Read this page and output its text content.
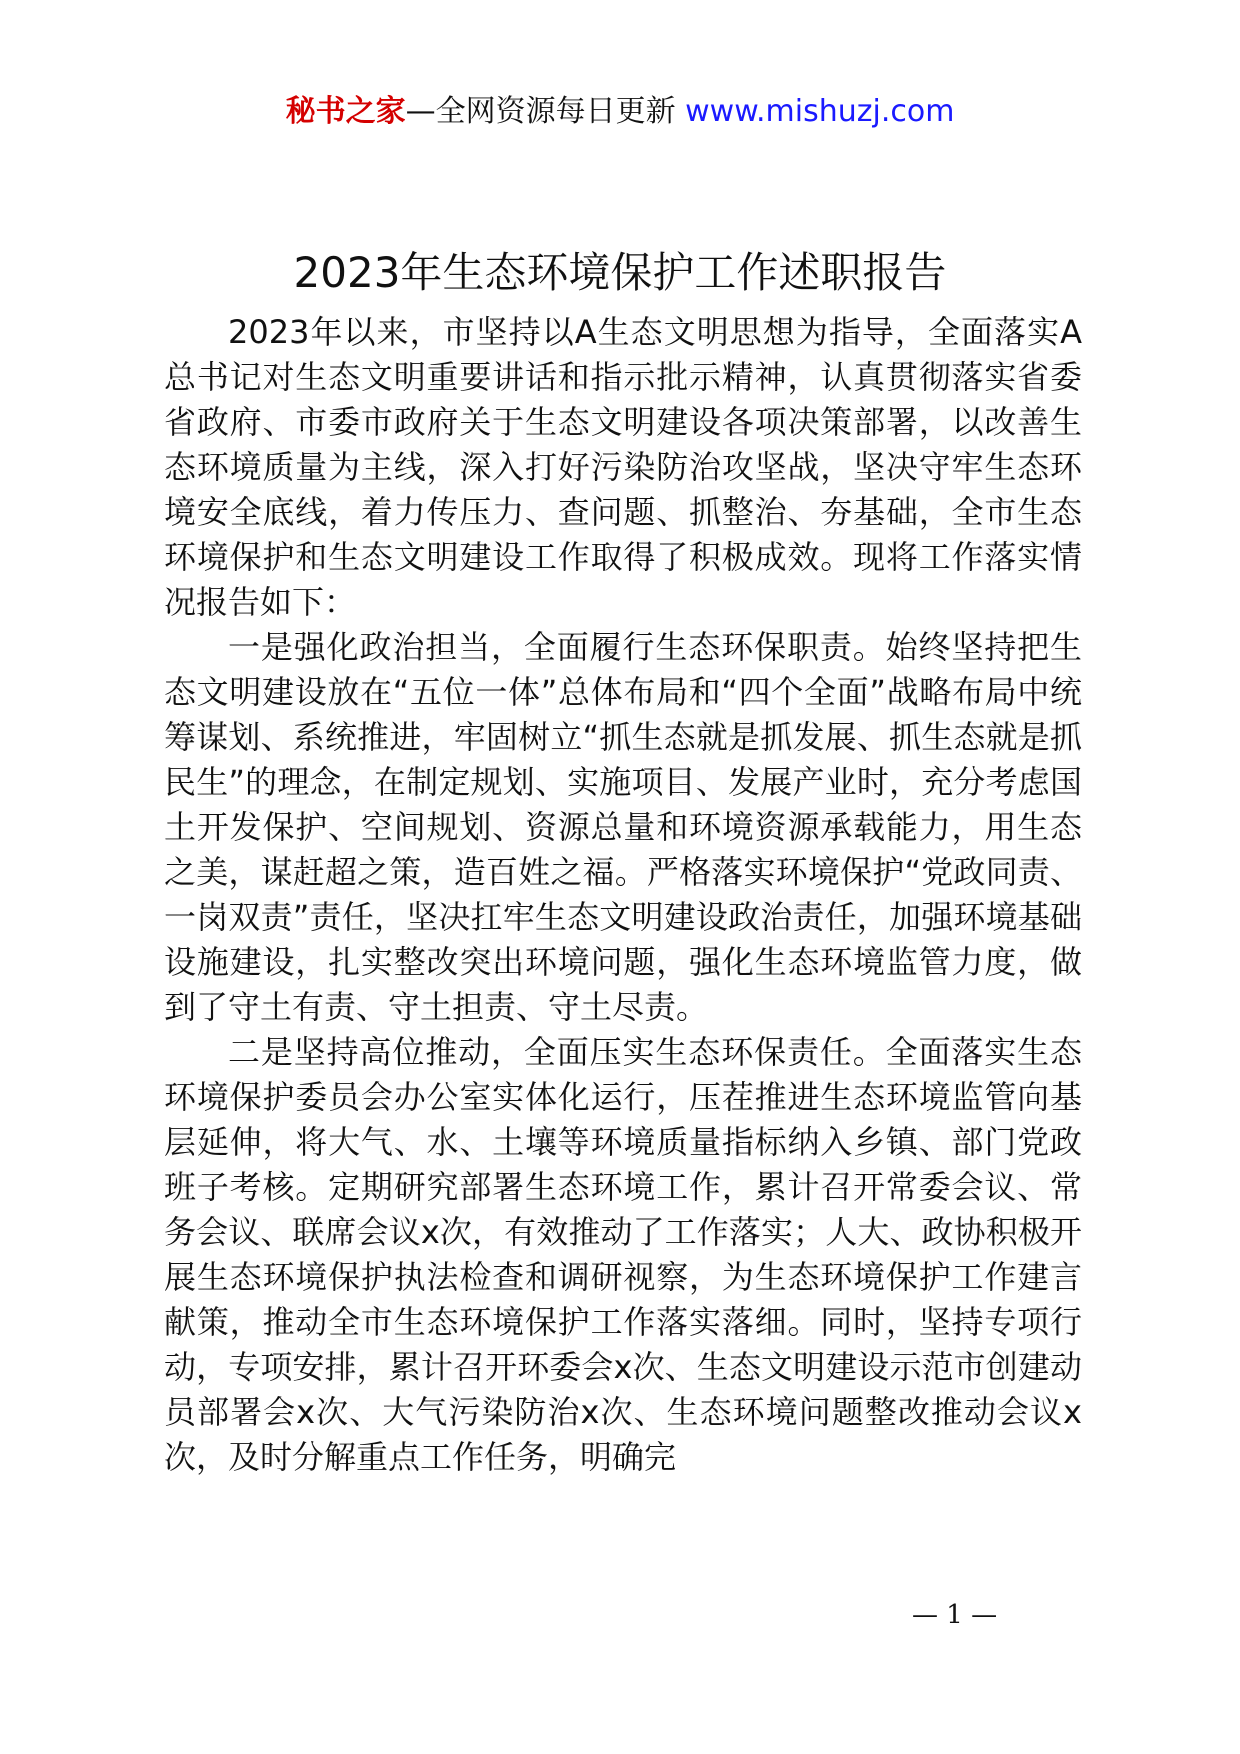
秘书之家—全网资源每日更新 www.mishuzj.com
2023年生态环境保护工作述职报告

2023年以来，市坚持以A生态文明思想为指导，全面落实A总书记对生态文明重要讲话和指示批示精神，认真贯彻落实省委省政府、市委市政府关于生态文明建设各项决策部署，以改善生态环境质量为主线，深入打好污染防治攻坚战，坚决守牢生态环境安全底线，着力传压力、查问题、抓整治、夯基础，全市生态环境保护和生态文明建设工作取得了积极成效。现将工作落实情况报告如下：

一是强化政治担当，全面履行生态环保职责。始终坚持把生态文明建设放在“五位一体”总体布局和“四个全面”战略布局中统筹谋划、系统推进，牢固树立“抓生态就是抓发展、抓生态就是抓民生”的理念，在制定规划、实施项目、发展产业时，充分考虑国土开发保护、空间规划、资源总量和环境资源承载能力，用生态之美，谋赶超之策，造百姓之福。严格落实环境保护“党政同责、一岗双责”责任，坚决扛牢生态文明建设政治责任，加强环境基础设施建设，扎实整改突出环境问题，强化生态环境监管力度，做到了守土有责、守土担责、守土尽责。

二是坚持高位推动，全面压实生态环保责任。全面落实生态环境保护委员会办公室实体化运行，压茬推进生态环境监管向基层延伸，将大气、水、土壤等环境质量指标纳入乡镇、部门党政班子考核。定期研究部署生态环境工作，累计召开常委会议、常务会议、联席会议x次，有效推动了工作落实；人大、政协积极开展生态环境保护执法检查和调研视察，为生态环境保护工作建言献策，推动全市生态环境保护工作落实落细。同时，坚持专项行动，专项安排，累计召开环委会x次、生态文明建设示范市创建动员部署会x次、大气污染防治x次、生态环境问题整改推动会议x次，及时分解重点工作任务，明确完

— 1 —
